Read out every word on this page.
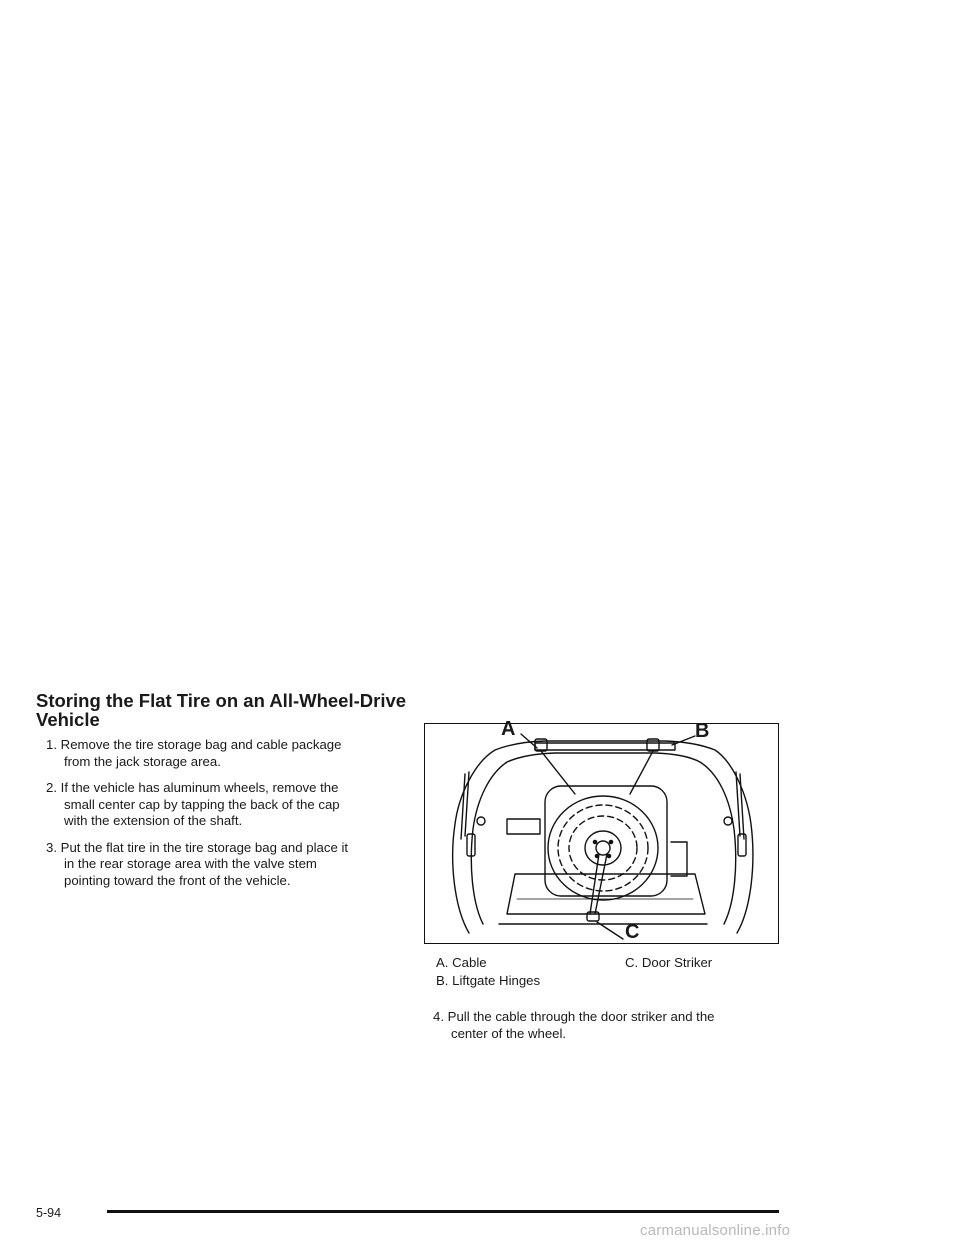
Storing the Flat Tire on an All-Wheel-Drive
Vehicle
1. Remove the tire storage bag and cable package
from the jack storage area.
2. If the vehicle has aluminum wheels, remove the
small center cap by tapping the back of the cap
with the extension of the shaft.
3. Put the flat tire in the tire storage bag and place it
in the rear storage area with the valve stem
pointing toward the front of the vehicle.
A	B
C
A. Cable
B. Liftgate Hinges
C. Door Striker
4. Pull the cable through the door striker and the
center of the wheel.
5-94
carmanualsonline.info
